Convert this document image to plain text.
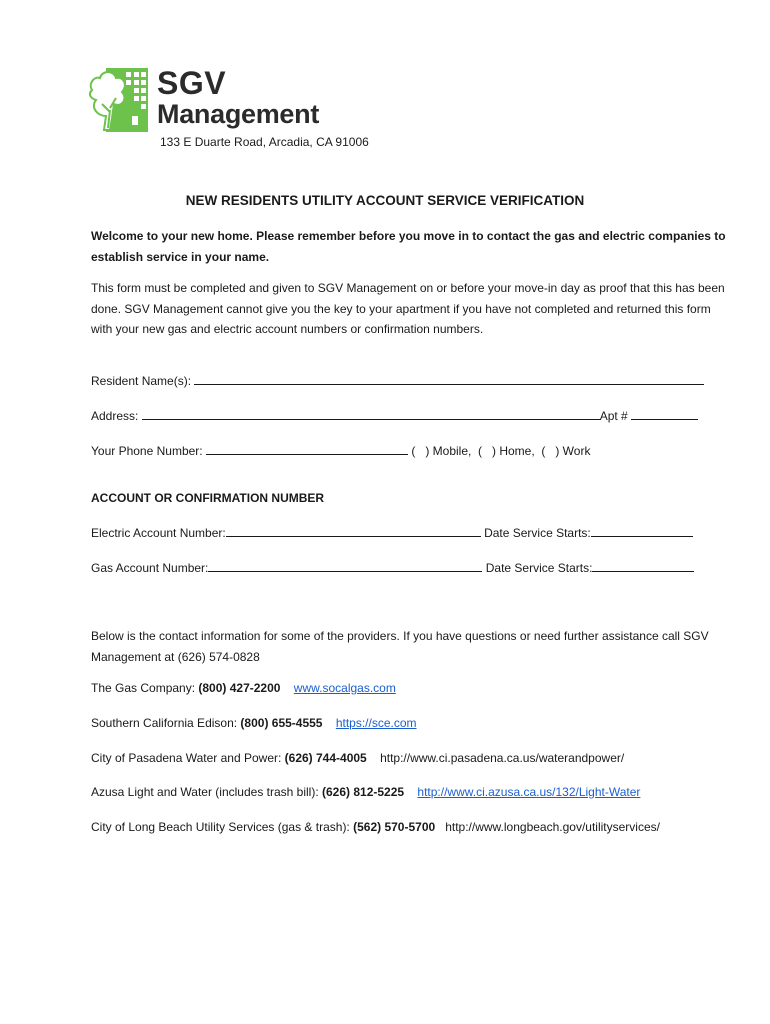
SGV
Management
133 E Duarte Road, Arcadia, CA 91006
NEW RESIDENTS UTILITY ACCOUNT SERVICE VERIFICATION
Welcome to your new home. Please remember before you move in to contact the gas and electric companies to establish service in your name.
This form must be completed and given to SGV Management on or before your move-in day as proof that this has been done. SGV Management cannot give you the key to your apartment if you have not completed and returned this form with your new gas and electric account numbers or confirmation numbers.
Resident Name(s):
Address:	Apt #
Your Phone Number:	(   ) Mobile,  (   ) Home,  (   ) Work
ACCOUNT OR CONFIRMATION NUMBER
Electric Account Number:	Date Service Starts:
Gas Account Number:	Date Service Starts:
Below is the contact information for some of the providers. If you have questions or need further assistance call SGV Management at (626) 574-0828
The Gas Company: (800) 427-2200 www.socalgas.com
Southern California Edison: (800) 655-4555 https://sce.com
City of Pasadena Water and Power: (626) 744-4005 http://www.ci.pasadena.ca.us/waterandpower/
Azusa Light and Water (includes trash bill): (626) 812-5225 http://www.ci.azusa.ca.us/132/Light-Water
City of Long Beach Utility Services (gas & trash): (562) 570-5700 http://www.longbeach.gov/utilityservices/
